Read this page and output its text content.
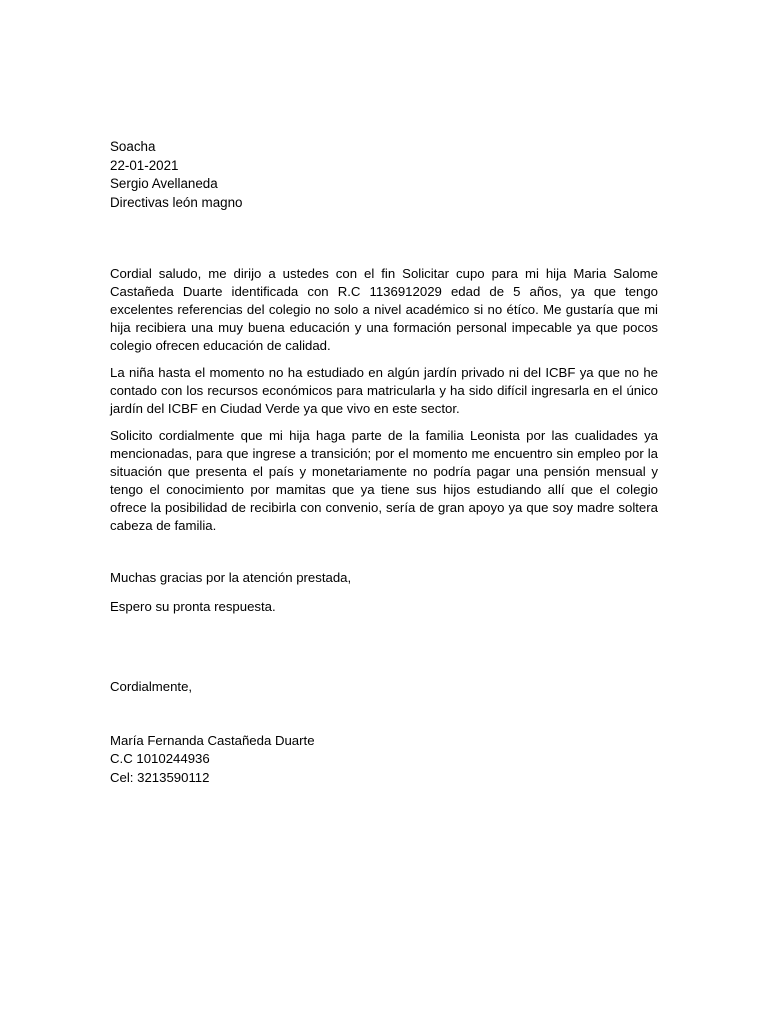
Soacha
22-01-2021
Sergio Avellaneda
Directivas león magno

Cordial saludo, me dirijo a ustedes con el fin Solicitar cupo para mi hija Maria Salome Castañeda Duarte identificada con R.C 1136912029 edad de 5 años, ya que tengo excelentes referencias del colegio no solo a nivel académico si no étíco. Me gustaría que mi hija recibiera una muy buena educación y una formación personal impecable ya que pocos colegio ofrecen educación de calidad.

La niña hasta el momento no ha estudiado en algún jardín privado ni del ICBF ya que no he contado con los recursos económicos para matricularla y ha sido difícil ingresarla en el único jardín del ICBF en Ciudad Verde ya que vivo en este sector.

Solicito cordialmente que mi hija haga parte de la familia Leonista por las cualidades ya mencionadas, para que ingrese a transición; por el momento me encuentro sin empleo por la situación que presenta el país y monetariamente no podría pagar una pensión mensual y tengo el conocimiento por mamitas que ya tiene sus hijos estudiando allí que el colegio ofrece la posibilidad de recibirla con convenio, sería de gran apoyo ya que soy madre soltera cabeza de familia.

Muchas gracias por la atención prestada,
Espero su pronta respuesta.
Cordialmente,
María Fernanda Castañeda Duarte
C.C 1010244936
Cel: 3213590112
